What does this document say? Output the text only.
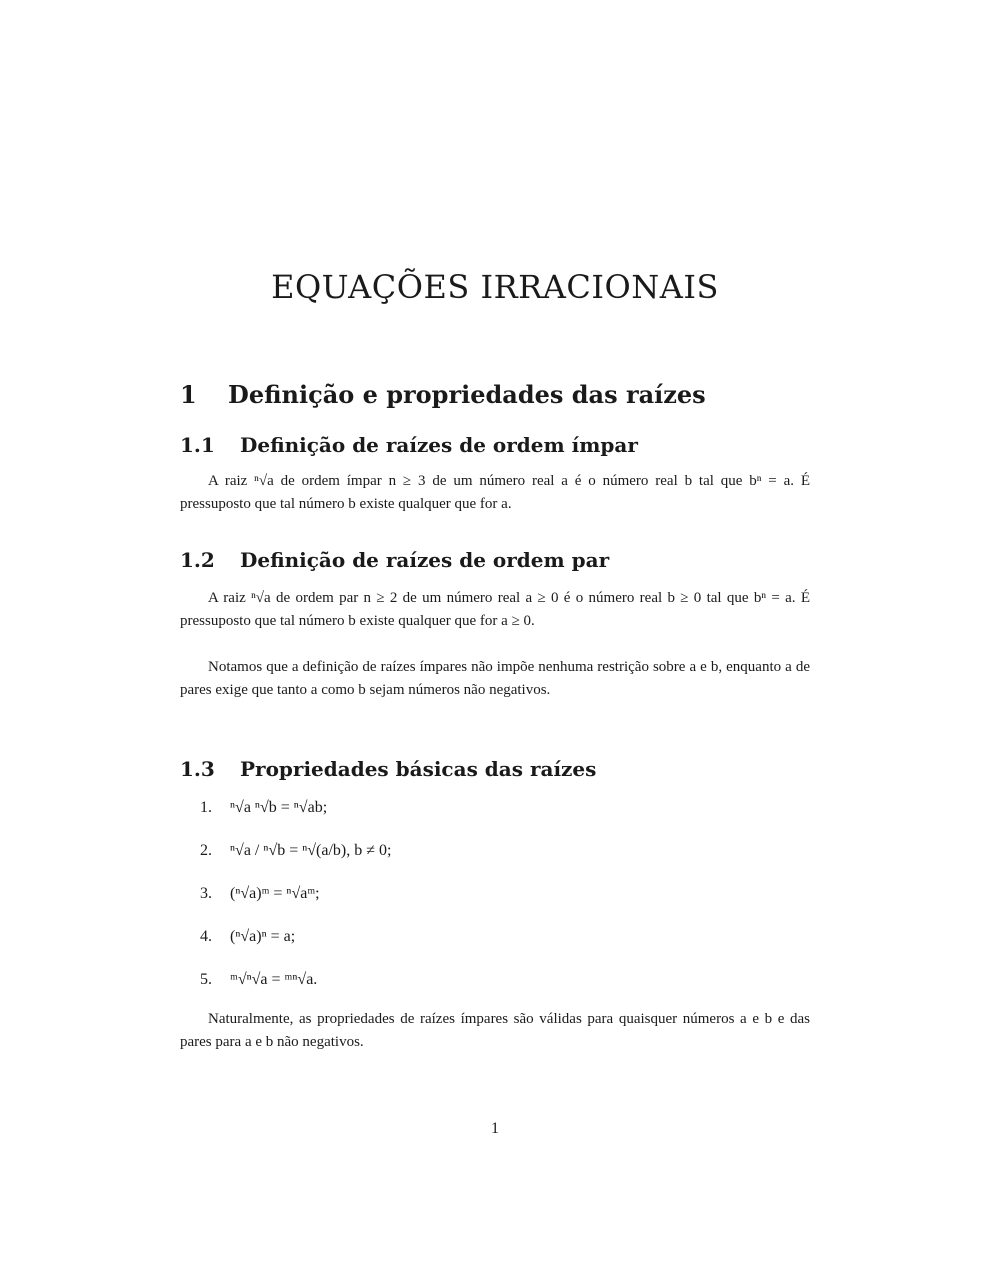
EQUAÇÕES IRRACIONAIS
1 Definição e propriedades das raízes
1.1 Definição de raízes de ordem ímpar

A raiz ⁿ√a de ordem ímpar n ≥ 3 de um número real a é o número real b tal que bⁿ = a. É pressuposto que tal número b existe qualquer que for a.

1.2 Definição de raízes de ordem par

A raiz ⁿ√a de ordem par n ≥ 2 de um número real a ≥ 0 é o número real b ≥ 0 tal que bⁿ = a. É pressuposto que tal número b existe qualquer que for a ≥ 0.

Notamos que a definição de raízes ímpares não impõe nenhuma restrição sobre a e b, enquanto a de pares exige que tanto a como b sejam números não negativos.

1.3 Propriedades básicas das raízes
1.	ⁿ√a ⁿ√b = ⁿ√ab;
2.	ⁿ√a / ⁿ√b = ⁿ√(a/b), b ≠ 0;
3.	(ⁿ√a)ᵐ = ⁿ√aᵐ;
4.	(ⁿ√a)ⁿ = a;
5.	ᵐ√ⁿ√a = ᵐⁿ√a.

Naturalmente, as propriedades de raízes ímpares são válidas para quaisquer números a e b e das pares para a e b não negativos.

1
